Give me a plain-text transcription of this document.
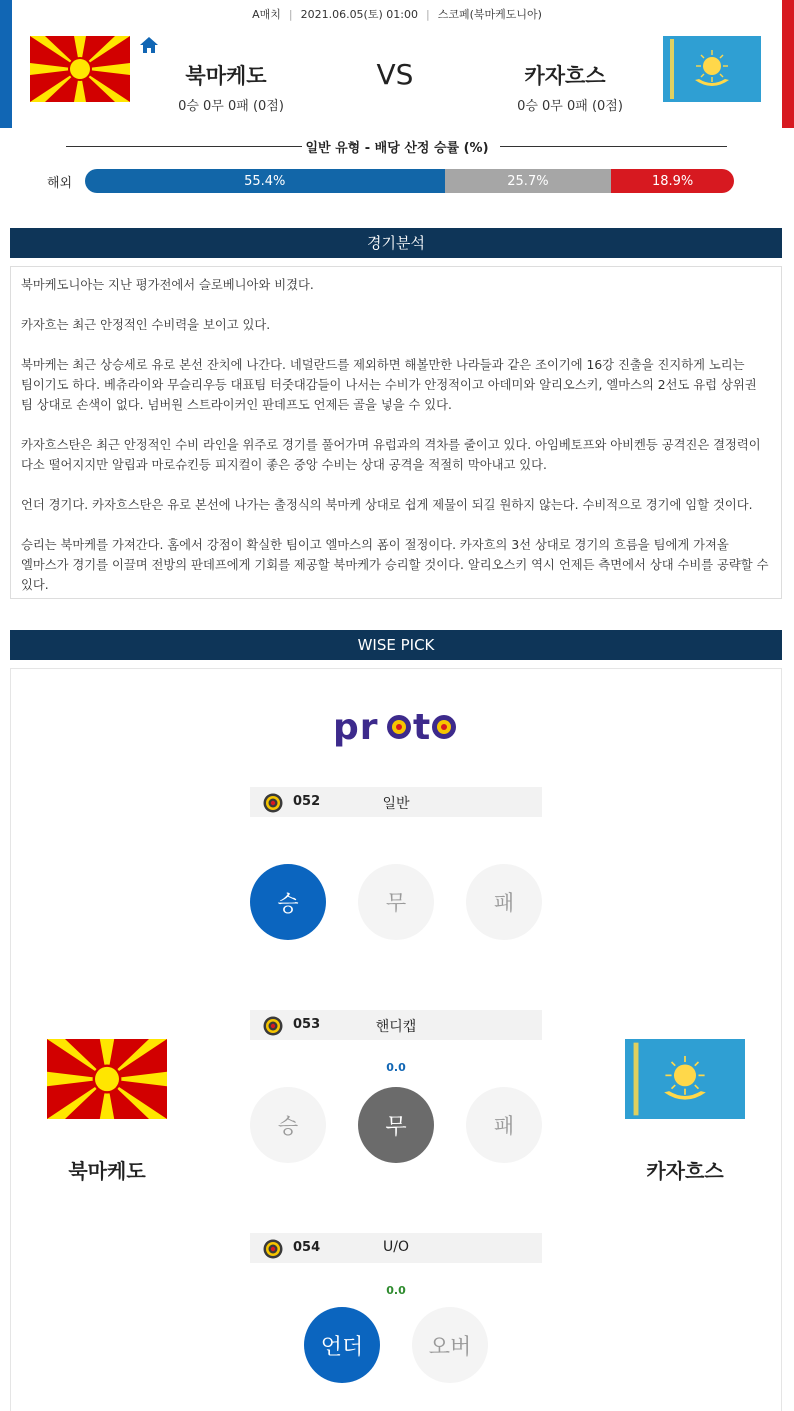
A매치 | 2021.06.05(토) 01:00 | 스코페(북마케도니아)
북마케도
0승 0무 0패 (0점)
VS	카자흐스
0승 0무 0패 (0점)
일반 유형 - 배당 산정 승률 (%)
해외	55.4%	25.7%	18.9%
경기분석

북마케도니아는 지난 평가전에서 슬로베니아와 비겼다.

카자흐는 최근 안정적인 수비력을 보이고 있다.

북마케는 최근 상승세로 유로 본선 잔치에 나간다. 네덜란드를 제외하면 해볼만한 나라들과 같은 조이기에 16강 진출을 진지하게 노리는 팀이기도 하다. 베츄라이와 무슬리우등 대표팀 터줏대감들이 나서는 수비가 안정적이고 아데미와 알리오스키, 엘마스의 2선도 유럽 상위권 팀 상대로 손색이 없다. 넘버원 스트라이커인 판데프도 언제든 골을 넣을 수 있다.

카자흐스탄은 최근 안정적인 수비 라인을 위주로 경기를 풀어가며 유럽과의 격차를 줄이고 있다. 아임베토프와 아비켄등 공격진은 결정력이 다소 떨어지지만 알립과 마로슈킨등 피지컬이 좋은 중앙 수비는 상대 공격을 적절히 막아내고 있다.

언더 경기다. 카자흐스탄은 유로 본선에 나가는 출정식의 북마케 상대로 쉽게 제물이 되길 원하지 않는다. 수비적으로 경기에 임할 것이다.

승리는 북마케를 가져간다. 홈에서 강점이 확실한 팀이고 엘마스의 폼이 절정이다. 카자흐의 3선 상대로 경기의 흐름을 팀에게 가져올 엘마스가 경기를 이끌며 전방의 판데프에게 기회를 제공할 북마케가 승리할 것이다. 알리오스키 역시 언제든 측면에서 상대 수비를 공략할 수 있다.

WISE PICK
pr t
052	일반
승	무	패
053	핸디캡
0.0
승	무	패
북마케도	카자흐스
054	U/O
0.0
언더	오버
